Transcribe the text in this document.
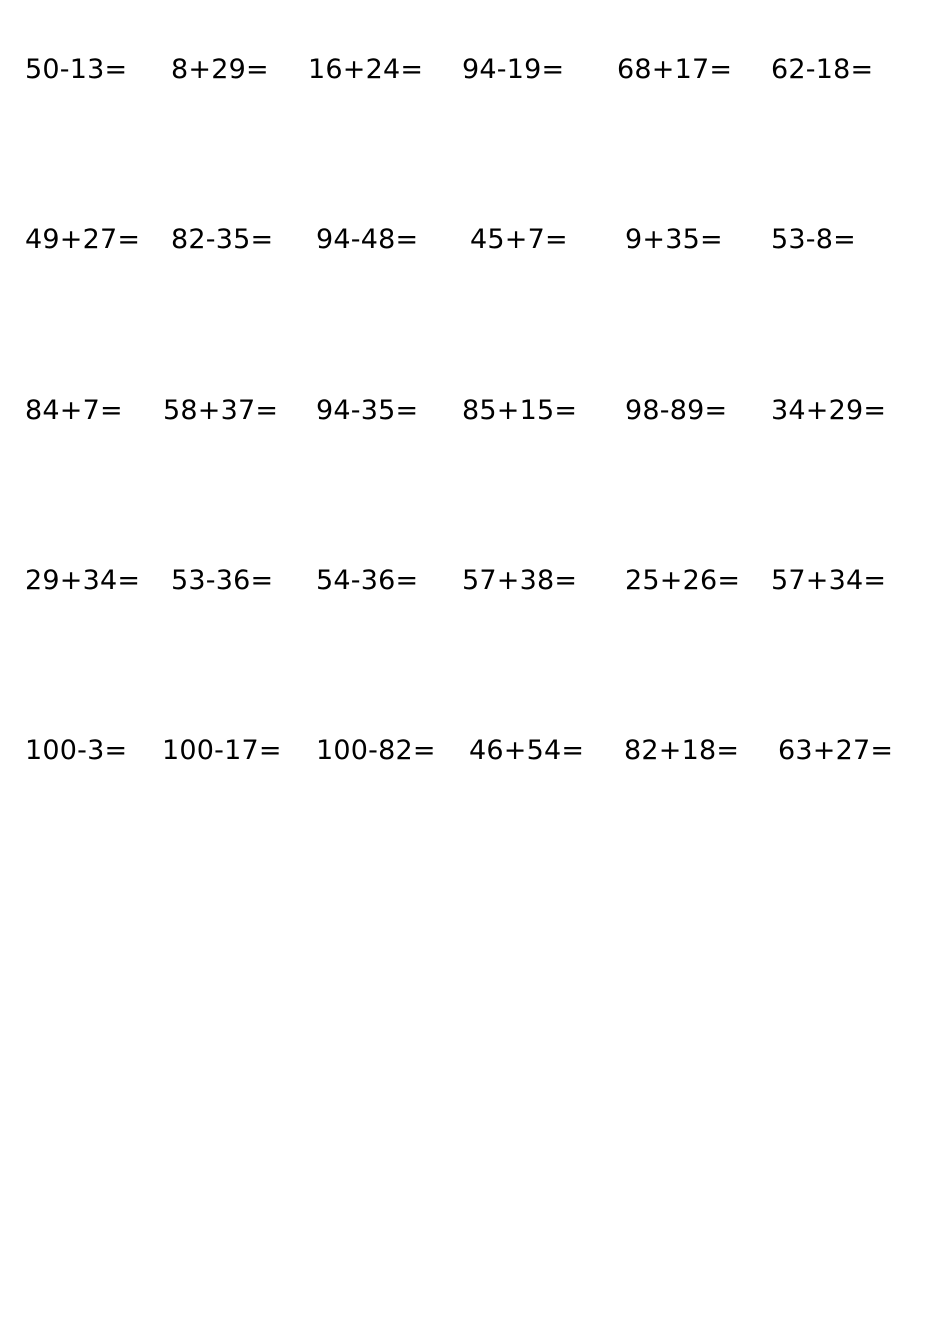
50-13= 8+29= 16+24= 94-19= 68+17= 62-18=
49+27= 82-35= 94-48= 45+7= 9+35= 53-8=
84+7= 58+37= 94-35= 85+15= 98-89= 34+29=
29+34= 53-36= 54-36= 57+38= 25+26= 57+34=
100-3= 100-17= 100-82= 46+54= 82+18= 63+27=
